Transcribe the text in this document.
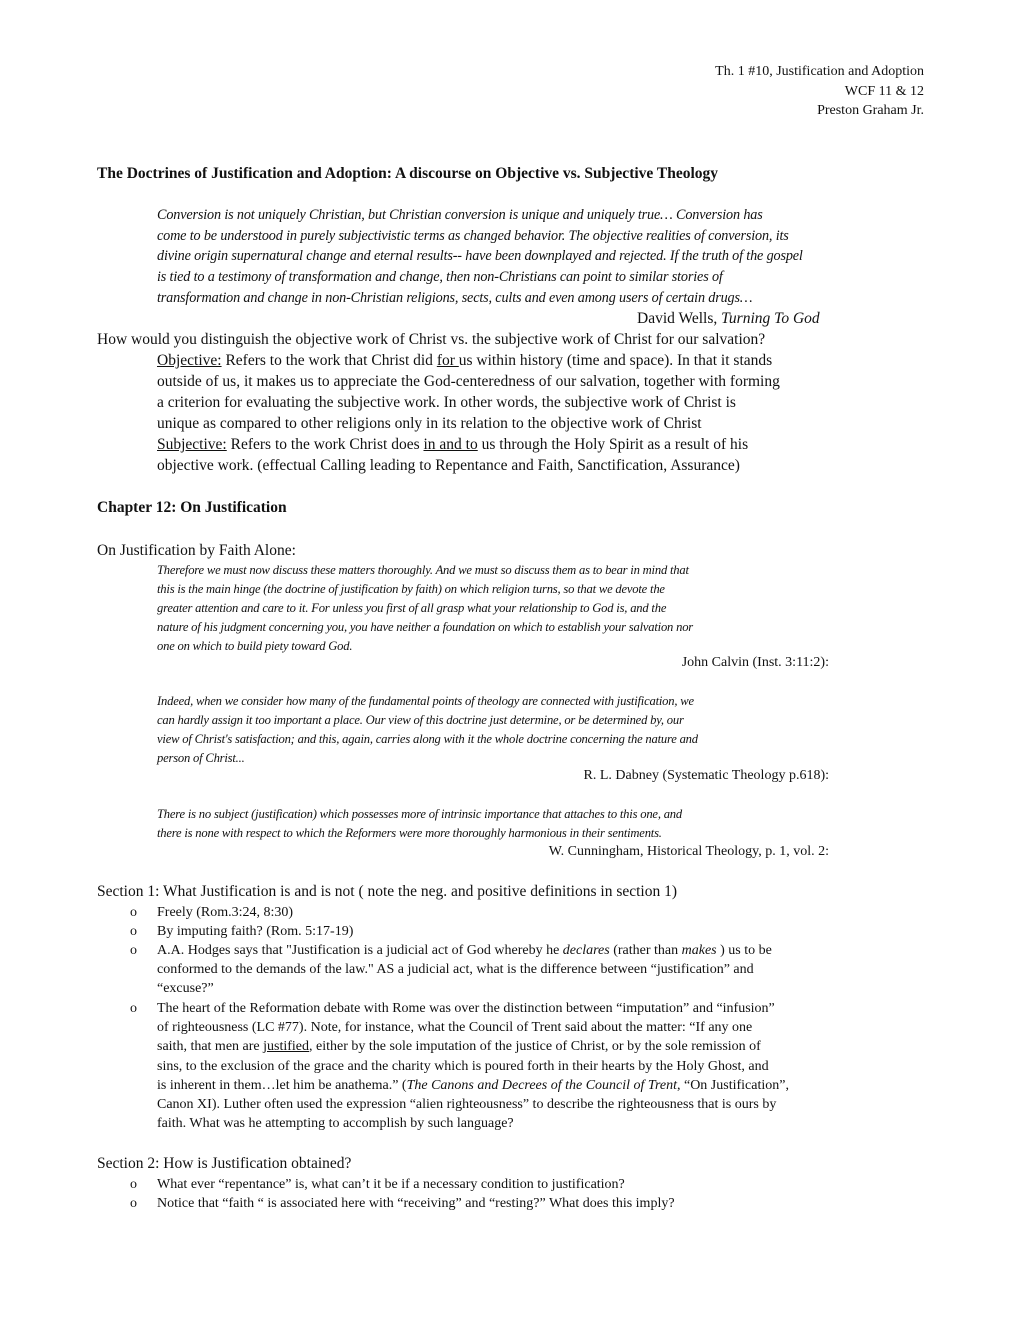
Th. 1 #10, Justification and Adoption
WCF 11 & 12
Preston Graham Jr.
The Doctrines of Justification and Adoption: A discourse on Objective vs. Subjective Theology
Conversion is not uniquely Christian, but Christian conversion is unique and uniquely true… Conversion has
come to be understood in purely subjectivistic terms as changed behavior. The objective realities of conversion, its
divine origin supernatural change and eternal results-- have been downplayed and rejected. If the truth of the gospel
is tied to a testimony of transformation and change, then non-Christians can point to similar stories of
transformation and change in non-Christian religions, sects, cults and even among users of certain drugs…
David Wells, Turning To God
How would you distinguish the objective work of Christ vs. the subjective work of Christ for our salvation?
Objective: Refers to the work that Christ did for us within history (time and space). In that it stands
outside of us, it makes us to appreciate the God-centeredness of our salvation, together with forming
a criterion for evaluating the subjective work. In other words, the subjective work of Christ is
unique as compared to other religions only in its relation to the objective work of Christ
Subjective: Refers to the work Christ does in and to us through the Holy Spirit as a result of his
objective work. (effectual Calling leading to Repentance and Faith, Sanctification, Assurance)
Chapter 12: On Justification
On Justification by Faith Alone:
Therefore we must now discuss these matters thoroughly. And we must so discuss them as to bear in mind that
this is the main hinge (the doctrine of justification by faith) on which religion turns, so that we devote the
greater attention and care to it. For unless you first of all grasp what your relationship to God is, and the
nature of his judgment concerning you, you have neither a foundation on which to establish your salvation nor
one on which to build piety toward God.
John Calvin (Inst. 3:11:2):
Indeed, when we consider how many of the fundamental points of theology are connected with justification, we
can hardly assign it too important a place. Our view of this doctrine just determine, or be determined by, our
view of Christ's satisfaction; and this, again, carries along with it the whole doctrine concerning the nature and
person of Christ...
R. L. Dabney (Systematic Theology p.618):
There is no subject (justification) which possesses more of intrinsic importance that attaches to this one, and
there is none with respect to which the Reformers were more thoroughly harmonious in their sentiments.
W. Cunningham, Historical Theology, p. 1, vol. 2:
Section 1: What Justification is and is not ( note the neg. and positive definitions in section 1)
o Freely (Rom.3:24, 8:30)
o By imputing faith? (Rom. 5:17-19)
o A.A. Hodges says that "Justification is a judicial act of God whereby he declares (rather than makes ) us to be
conformed to the demands of the law." AS a judicial act, what is the difference between “justification” and
“excuse?”
o The heart of the Reformation debate with Rome was over the distinction between “imputation” and “infusion”
of righteousness (LC #77). Note, for instance, what the Council of Trent said about the matter: “If any one
saith, that men are justified, either by the sole imputation of the justice of Christ, or by the sole remission of
sins, to the exclusion of the grace and the charity which is poured forth in their hearts by the Holy Ghost, and
is inherent in them…let him be anathema.” (The Canons and Decrees of the Council of Trent, “On Justification”,
Canon XI). Luther often used the expression “alien righteousness” to describe the righteousness that is ours by
faith. What was he attempting to accomplish by such language?
Section 2: How is Justification obtained?
o What ever “repentance” is, what can’t it be if a necessary condition to justification?
o Notice that “faith “ is associated here with “receiving” and “resting?” What does this imply?
